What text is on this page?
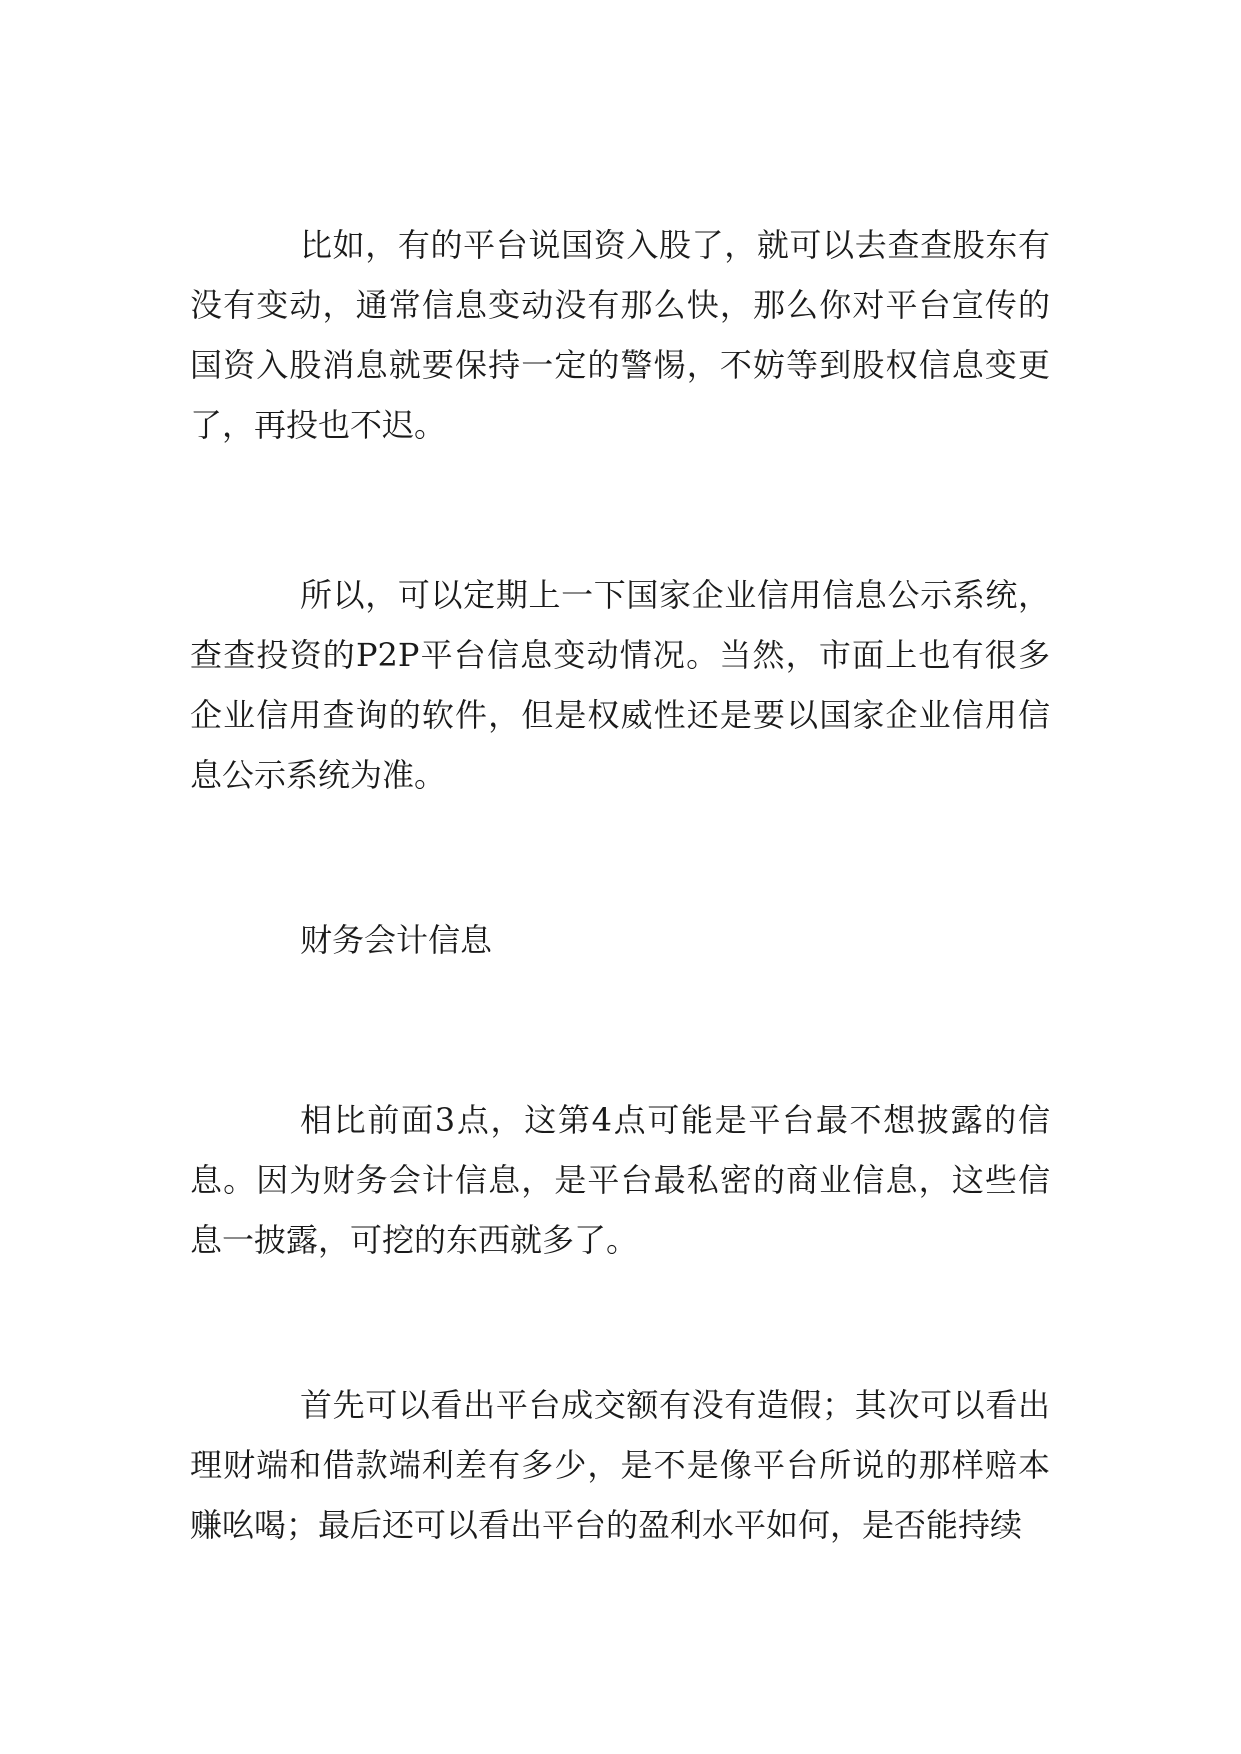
比如，有的平台说国资入股了，就可以去查查股东有没有变动，通常信息变动没有那么快，那么你对平台宣传的国资入股消息就要保持一定的警惕，不妨等到股权信息变更了，再投也不迟。

所以，可以定期上一下国家企业信用信息公示系统，查查投资的P2P平台信息变动情况。当然，市面上也有很多企业信用查询的软件，但是权威性还是要以国家企业信用信息公示系统为准。

财务会计信息

相比前面3点，这第4点可能是平台最不想披露的信息。因为财务会计信息，是平台最私密的商业信息，这些信息一披露，可挖的东西就多了。

首先可以看出平台成交额有没有造假；其次可以看出理财端和借款端利差有多少，是不是像平台所说的那样赔本赚吆喝；最后还可以看出平台的盈利水平如何，是否能持续
